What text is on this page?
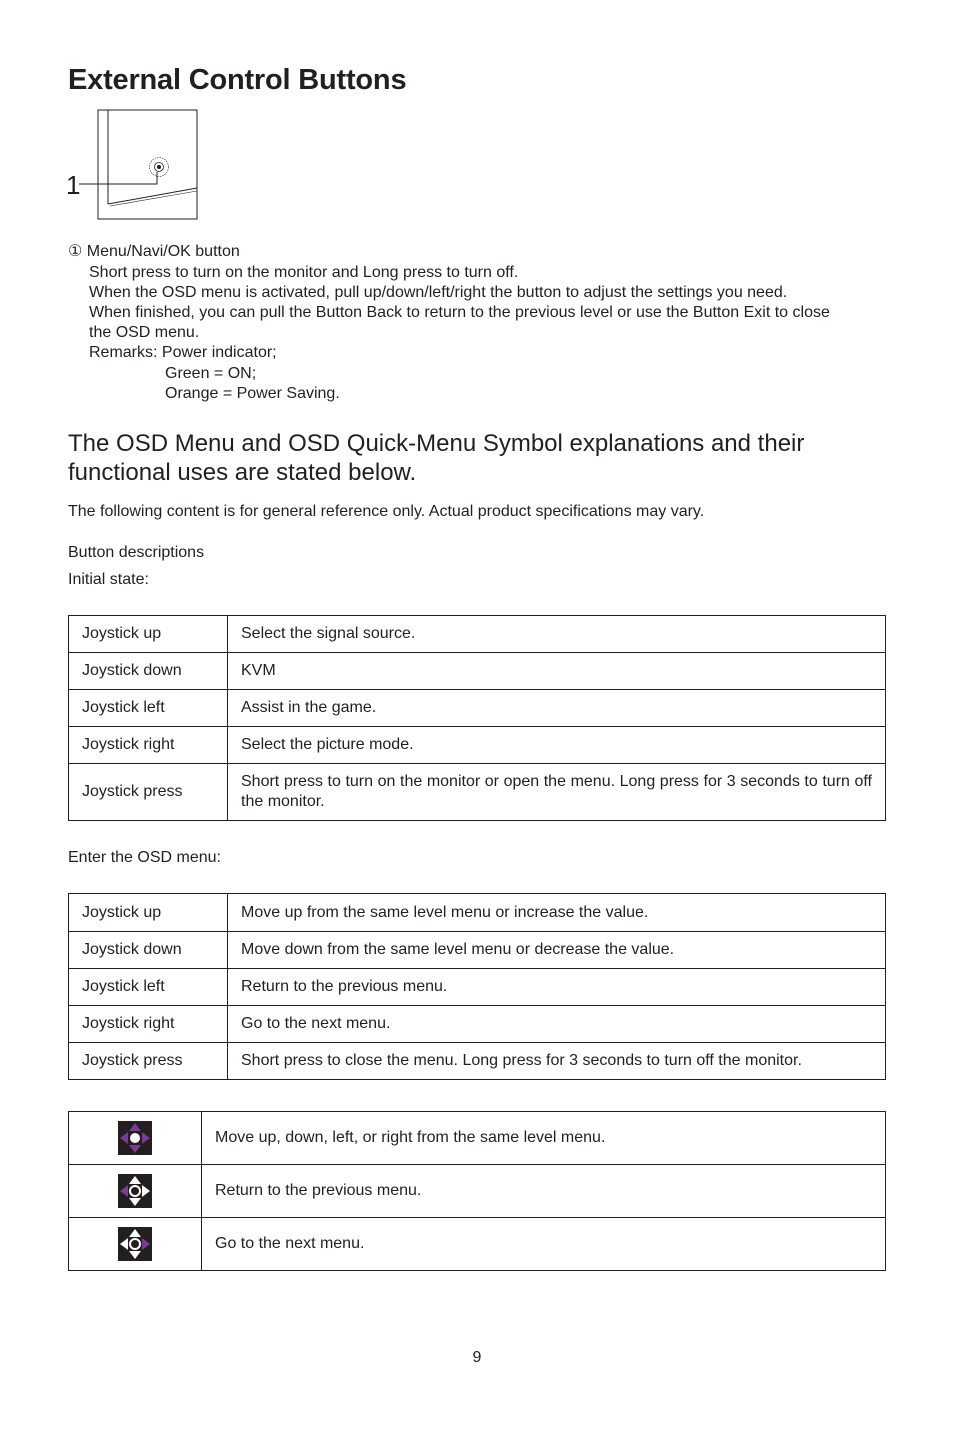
External Control Buttons
1

① Menu/Navi/OK button

Short press to turn on the monitor and Long press to turn off.

When the OSD menu is activated, pull up/down/left/right the button to adjust the settings you need.

When finished, you can pull the Button Back to return to the previous level or use the Button Exit to close

the OSD menu.

Remarks: Power indicator;

Green = ON;

Orange = Power Saving.

The OSD Menu and OSD Quick-Menu Symbol explanations and their functional uses are stated below.

The following content is for general reference only. Actual product specifications may vary.

Button descriptions

Initial state:

Joystick up	Select the signal source.
Joystick down	KVM
Joystick left	Assist in the game.
Joystick right	Select the picture mode.
Joystick press	Short press to turn on the monitor or open the menu. Long press for 3 seconds to turn off the monitor.

Enter the OSD menu:

Joystick up	Move up from the same level menu or increase the value.
Joystick down	Move down from the same level menu or decrease the value.
Joystick left	Return to the previous menu.
Joystick right	Go to the next menu.
Joystick press	Short press to close the menu. Long press for 3 seconds to turn off the monitor.
	Move up, down, left, or right from the same level menu.
	Return to the previous menu.
	Go to the next menu.
9
